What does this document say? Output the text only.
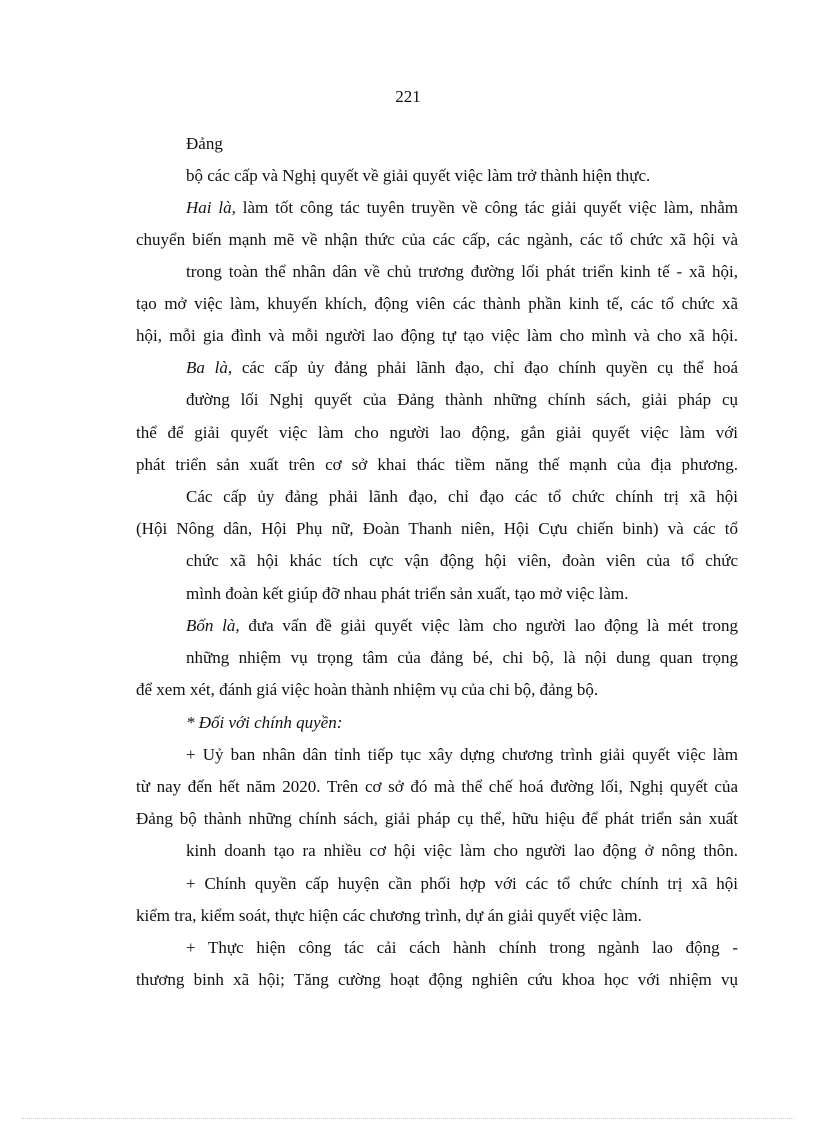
221
Đảng
bộ các cấp và Nghị quyết về giải quyết việc làm trở thành hiện thực.
Hai là, làm tốt công tác tuyên truyền về công tác giải quyết việc làm, nhằm
chuyển biến mạnh mẽ về nhận thức của các cấp, các ngành, các tổ chức xã hội và
trong toàn thể nhân dân về chủ trương đường lối phát triển kinh tế - xã hội,
tạo mở việc làm, khuyến khích, động viên các thành phần kinh tế, các tổ chức xã
hội, mỗi gia đình và mỗi người lao động tự tạo việc làm cho mình và cho xã hội.
Ba là, các cấp ủy đảng phải lãnh đạo, chỉ đạo chính quyền cụ thể hoá
đường lối Nghị quyết của Đảng thành những chính sách, giải pháp cụ
thể để giải quyết việc làm cho người lao động, gắn giải quyết việc làm với
phát triển sản xuất trên cơ sở khai thác tiềm năng thế mạnh của địa phương.
Các cấp ủy đảng phải lãnh đạo, chỉ đạo các tổ chức chính trị xã hội
(Hội Nông dân, Hội Phụ nữ, Đoàn Thanh niên, Hội Cựu chiến binh) và các tổ
chức xã hội khác tích cực vận động hội viên, đoàn viên của tổ chức
mình đoàn kết giúp đỡ nhau phát triển sản xuất, tạo mở việc làm.
Bốn là, đưa vấn đề giải quyết việc làm cho người lao động là mét trong
những nhiệm vụ trọng tâm của đảng bé, chi bộ, là nội dung quan trọng
để xem xét, đánh giá việc hoàn thành nhiệm vụ của chi bộ, đảng bộ.
* Đối với chính quyền:
+ Uỷ ban nhân dân tỉnh tiếp tục xây dựng chương trình giải quyết việc làm
từ nay đến hết năm 2020. Trên cơ sở đó mà thể chế hoá đường lối, Nghị quyết của
Đảng bộ thành những chính sách, giải pháp cụ thể, hữu hiệu để phát triển sản xuất
kinh doanh tạo ra nhiều cơ hội việc làm cho người lao động ở nông thôn.
+ Chính quyền cấp huyện cần phối hợp với các tổ chức chính trị xã hội
kiểm tra, kiểm soát, thực hiện các chương trình, dự án giải quyết việc làm.
+ Thực hiện công tác cải cách hành chính trong ngành lao động -
thương binh xã hội; Tăng cường hoạt động nghiên cứu khoa học với nhiệm vụ
